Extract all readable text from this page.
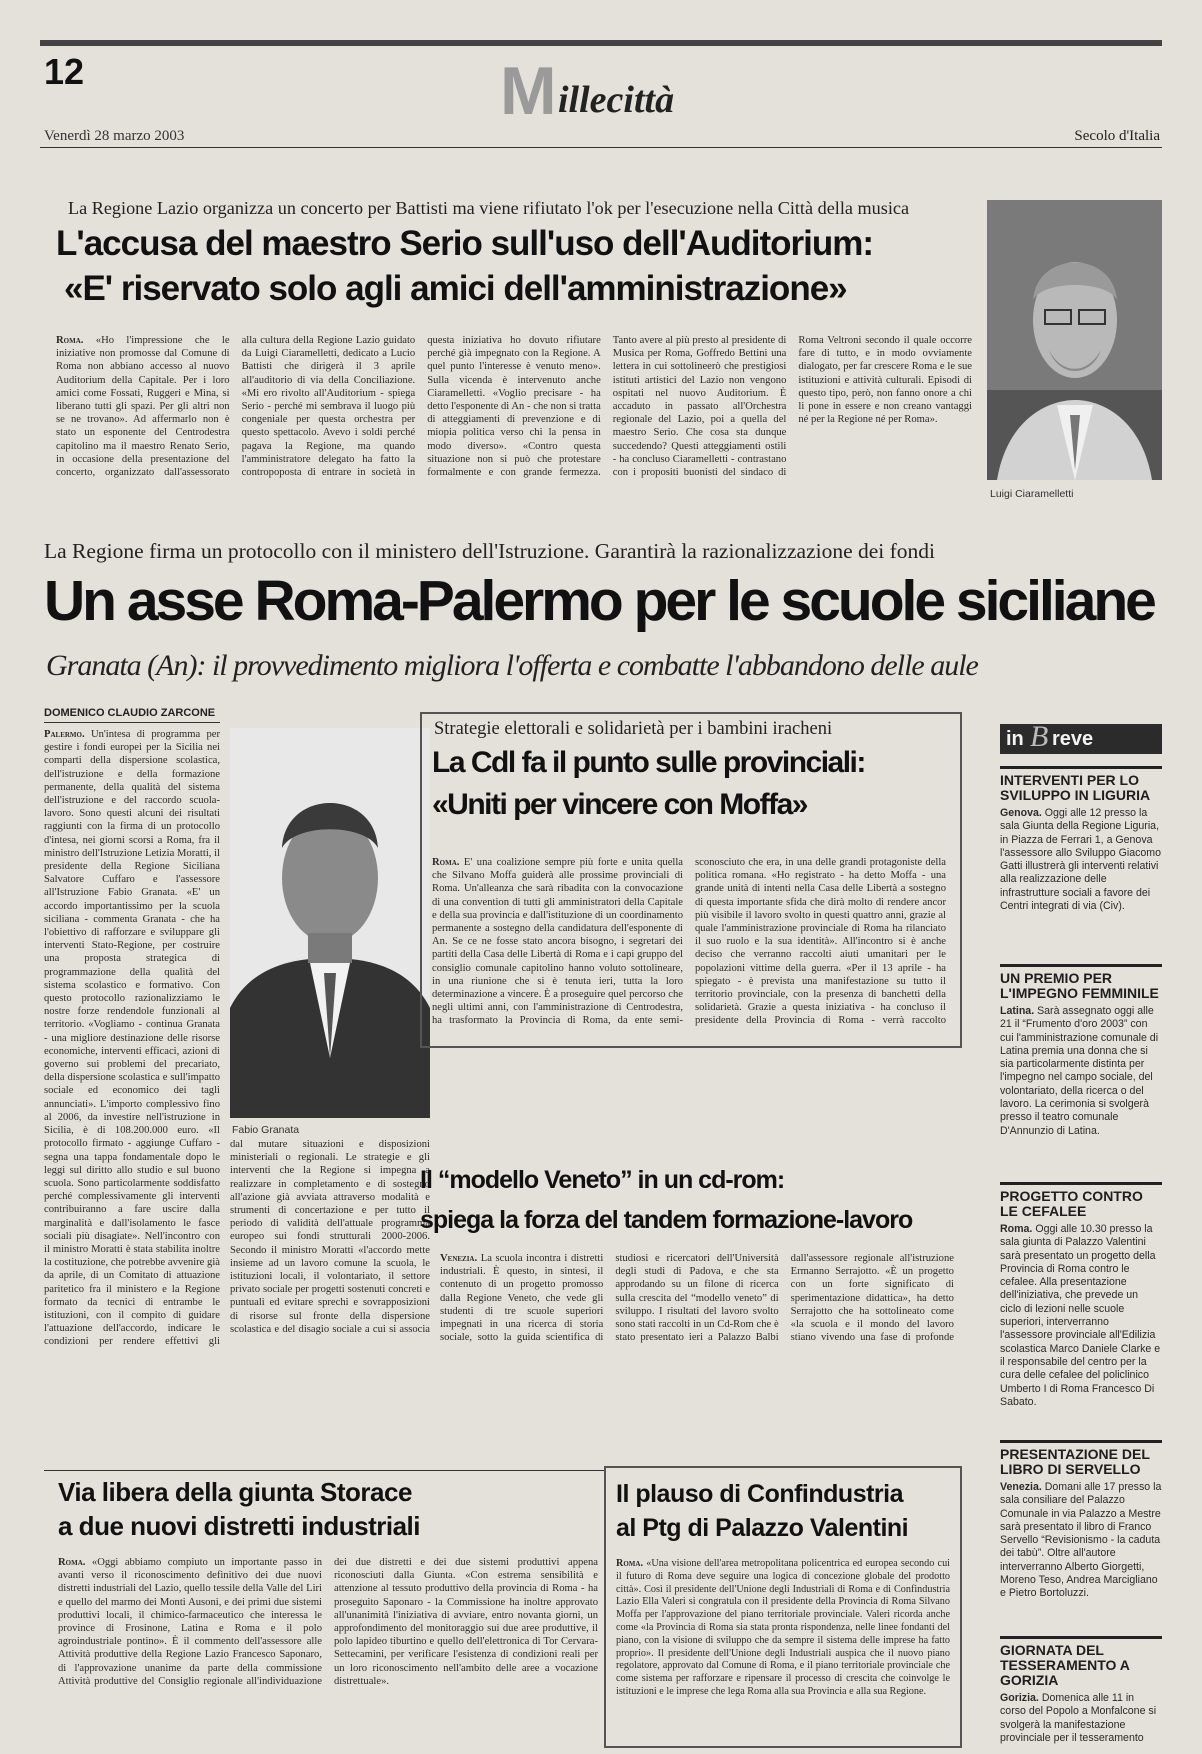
12	M illecittà
Venerdì 28 marzo 2003	Secolo d'Italia
La Regione Lazio organizza un concerto per Battisti ma viene rifiutato l'ok per l'esecuzione nella Città della musica
L'accusa del maestro Serio sull'uso dell'Auditorium:
«E' riservato solo agli amici dell'amministrazione»

Roma. «Ho l'impressione che le iniziative non promosse dal Comune di Roma non abbiano accesso al nuovo Auditorium della Capitale. Per i loro amici come Fossati, Ruggeri e Mina, si liberano tutti gli spazi. Per gli altri non se ne trovano». Ad affermarlo non è stato un esponente del Centrodestra capitolino ma il maestro Renato Serio, in occasione della presentazione del concerto, organizzato dall'assessorato alla cultura della Regione Lazio guidato da Luigi Ciaramelletti, dedicato a Lucio Battisti che dirigerà il 3 aprile all'auditorio di via della Conciliazione. «Mi ero rivolto all'Auditorium - spiega Serio - perché mi sembrava il luogo più congeniale per questa orchestra per questo spettacolo. Avevo i soldi perché pagava la Regione, ma quando l'amministratore delegato ha fatto la contropoposta di entrare in società in questa iniziativa ho dovuto rifiutare perché già impegnato con la Regione. A quel punto l'interesse è venuto meno». Sulla vicenda è intervenuto anche Ciaramelletti. «Voglio precisare - ha detto l'esponente di An - che non si tratta di atteggiamenti di prevenzione e di miopia politica verso chi la pensa in modo diverso». «Contro questa situazione non si può che protestare formalmente e con grande fermezza. Tanto avere al più presto al presidente di Musica per Roma, Goffredo Bettini una lettera in cui sottolineerò che prestigiosi istituti artistici del Lazio non vengono ospitati nel nuovo Auditorium. È accaduto in passato all'Orchestra regionale del Lazio, poi a quella del maestro Serio. Che cosa sta dunque succedendo? Questi atteggiamenti ostili - ha concluso Ciaramelletti - contrastano con i propositi buonisti del sindaco di Roma Veltroni secondo il quale occorre fare di tutto, e in modo ovviamente dialogato, per far crescere Roma e le sue istituzioni e attività culturali. Episodi di questo tipo, però, non fanno onore a chi li pone in essere e non creano vantaggi né per la Regione né per Roma».

Luigi Ciaramelletti
La Regione firma un protocollo con il ministero dell'Istruzione. Garantirà la razionalizzazione dei fondi
Un asse Roma-Palermo per le scuole siciliane
Granata (An): il provvedimento migliora l'offerta e combatte l'abbandono delle aule
DOMENICO CLAUDIO ZARCONE

Palermo. Un'intesa di programma per gestire i fondi europei per la Sicilia nei comparti della dispersione scolastica, dell'istruzione e della formazione permanente, della qualità del sistema dell'istruzione e del raccordo scuola-lavoro. Sono questi alcuni dei risultati raggiunti con la firma di un protocollo d'intesa, nei giorni scorsi a Roma, fra il ministro dell'Istruzione Letizia Moratti, il presidente della Regione Siciliana Salvatore Cuffaro e l'assessore all'Istruzione Fabio Granata. «E' un accordo importantissimo per la scuola siciliana - commenta Granata - che ha l'obiettivo di rafforzare e sviluppare gli interventi Stato-Regione, per costruire una proposta strategica di programmazione della qualità del sistema scolastico e formativo. Con questo protocollo razionalizziamo le nostre forze rendendole funzionali al territorio. «Vogliamo - continua Granata - una migliore destinazione delle risorse economiche, interventi efficaci, azioni di governo sui problemi del precariato, della dispersione scolastica e sull'impatto sociale ed economico dei tagli annunciati». L'importo complessivo fino al 2006, da investire nell'istruzione in Sicilia, è di 108.200.000 euro. «Il protocollo firmato - aggiunge Cuffaro - segna una tappa fondamentale dopo le leggi sul diritto allo studio e sul buono scuola. Sono particolarmente soddisfatto perché complessivamente gli interventi contribuiranno a fare uscire dalla marginalità e dall'isolamento le fasce sociali più disagiate». Nell'incontro con il ministro Moratti è stata stabilita inoltre la costituzione, che potrebbe avvenire già da aprile, di un Comitato di attuazione paritetico fra il ministero e la Regione formato da tecnici di entrambe le istituzioni, con il compito di guidare l'attuazione dell'accordo, indicare le condizioni per rendere effettivi gli

Fabio Granata

dal mutare situazioni e disposizioni ministeriali o regionali. Le strategie e gli interventi che la Regione si impegna a realizzare in completamento e di sostegno all'azione già avviata attraverso modalità e strumenti di concertazione e per tutto il periodo di validità dell'attuale programma europeo sui fondi strutturali 2000-2006. Secondo il ministro Moratti «l'accordo mette insieme ad un lavoro comune la scuola, le istituzioni locali, il volontariato, il settore privato sociale per progetti sostenuti concreti e puntuali ed evitare sprechi e sovrapposizioni di risorse sul fronte della dispersione scolastica e del disagio sociale a cui si associa

Strategie elettorali e solidarietà per i bambini iracheni
La Cdl fa il punto sulle provinciali:
«Uniti per vincere con Moffa»

Roma. E' una coalizione sempre più forte e unita quella che Silvano Moffa guiderà alle prossime provinciali di Roma. Un'alleanza che sarà ribadita con la convocazione di una convention di tutti gli amministratori della Capitale e della sua provincia e dall'istituzione di un coordinamento permanente a sostegno della candidatura dell'esponente di An. Se ce ne fosse stato ancora bisogno, i segretari dei partiti della Casa delle Libertà di Roma e i capi gruppo del consiglio comunale capitolino hanno voluto sottolineare, in una riunione che si è tenuta ieri, tutta la loro determinazione a vincere. È a proseguire quel percorso che negli ultimi anni, con l'amministrazione di Centrodestra, ha trasformato la Provincia di Roma, da ente semi-sconosciuto che era, in una delle grandi protagoniste della politica romana. «Ho registrato - ha detto Moffa - una grande unità di intenti nella Casa delle Libertà a sostegno di questa importante sfida che dirà molto di rendere ancor più visibile il lavoro svolto in questi quattro anni, grazie al quale l'amministrazione provinciale di Roma ha rilanciato il suo ruolo e la sua identità». All'incontro si è anche deciso che verranno raccolti aiuti umanitari per le popolazioni vittime della guerra. «Per il 13 aprile - ha spiegato - è prevista una manifestazione su tutto il territorio provinciale, con la presenza di banchetti della solidarietà. Grazie a questa iniziativa - ha concluso il presidente della Provincia di Roma - verrà raccolto

Il “modello Veneto” in un cd-rom:
spiega la forza del tandem formazione-lavoro

Venezia. La scuola incontra i distretti industriali. È questo, in sintesi, il contenuto di un progetto promosso dalla Regione Veneto, che vede gli studenti di tre scuole superiori impegnati in una ricerca di storia sociale, sotto la guida scientifica di studiosi e ricercatori dell'Università degli studi di Padova, e che sta approdando su un filone di ricerca sulla crescita del “modello veneto” di sviluppo. I risultati del lavoro svolto sono stati raccolti in un Cd-Rom che è stato presentato ieri a Palazzo Balbi dall'assessore regionale all'istruzione Ermanno Serrajotto. «È un progetto con un forte significato di sperimentazione didattica», ha detto Serrajotto che ha sottolineato come «la scuola e il mondo del lavoro stiano vivendo una fase di profonde

Via libera della giunta Storace
a due nuovi distretti industriali

Roma. «Oggi abbiamo compiuto un importante passo in avanti verso il riconoscimento definitivo dei due nuovi distretti industriali del Lazio, quello tessile della Valle del Liri e quello del marmo dei Monti Ausoni, e dei primi due sistemi produttivi locali, il chimico-farmaceutico che interessa le province di Frosinone, Latina e Roma e il polo agroindustriale pontino». È il commento dell'assessore alle Attività produttive della Regione Lazio Francesco Saponaro, di l'approvazione unanime da parte della commissione Attività produttive del Consiglio regionale all'individuazione dei due distretti e dei due sistemi produttivi appena riconosciuti dalla Giunta. «Con estrema sensibilità e attenzione al tessuto produttivo della provincia di Roma - ha proseguito Saponaro - la Commissione ha inoltre approvato all'unanimità l'iniziativa di avviare, entro novanta giorni, un approfondimento del monitoraggio sui due aree produttive, il polo lapideo tiburtino e quello dell'elettronica di Tor Cervara-Settecamini, per verificare l'esistenza di condizioni reali per un loro riconoscimento nell'ambito delle aree a vocazione distrettuale».

Il plauso di Confindustria
al Ptg di Palazzo Valentini

Roma. «Una visione dell'area metropolitana policentrica ed europea secondo cui il futuro di Roma deve seguire una logica di concezione globale del prodotto città». Così il presidente dell'Unione degli Industriali di Roma e di Confindustria Lazio Ella Valeri si congratula con il presidente della Provincia di Roma Silvano Moffa per l'approvazione del piano territoriale provinciale. Valeri ricorda anche come «la Provincia di Roma sia stata pronta rispondenza, nelle linee fondanti del piano, con la visione di sviluppo che da sempre il sistema delle imprese ha fatto proprio». Il presidente dell'Unione degli Industriali auspica che il nuovo piano regolatore, approvato dal Comune di Roma, e il piano territoriale provinciale che come sistema per rafforzare e ripensare il processo di crescita che coinvolge le istituzioni e le imprese che lega Roma alla sua Provincia e alla sua Regione.

in B reve
INTERVENTI PER LO SVILUPPO IN LIGURIA
Genova. Oggi alle 12 presso la sala Giunta della Regione Liguria, in Piazza de Ferrari 1, a Genova l'assessore allo Sviluppo Giacomo Gatti illustrerà gli interventi relativi alla realizzazione delle infrastrutture sociali a favore dei Centri integrati di via (Civ).
UN PREMIO PER L'IMPEGNO FEMMINILE
Latina. Sarà assegnato oggi alle 21 il “Frumento d'oro 2003” con cui l'amministrazione comunale di Latina premia una donna che si sia particolarmente distinta per l'impegno nel campo sociale, del volontariato, della ricerca o del lavoro. La cerimonia si svolgerà presso il teatro comunale D'Annunzio di Latina.
PROGETTO CONTRO LE CEFALEE
Roma. Oggi alle 10.30 presso la sala giunta di Palazzo Valentini sarà presentato un progetto della Provincia di Roma contro le cefalee. Alla presentazione dell'iniziativa, che prevede un ciclo di lezioni nelle scuole superiori, interverranno l'assessore provinciale all'Edilizia scolastica Marco Daniele Clarke e il responsabile del centro per la cura delle cefalee del policlinico Umberto I di Roma Francesco Di Sabato.
PRESENTAZIONE DEL LIBRO DI SERVELLO
Venezia. Domani alle 17 presso la sala consiliare del Palazzo Comunale in via Palazzo a Mestre sarà presentato il libro di Franco Servello “Revisionismo - la caduta dei tabù”. Oltre all'autore interverranno Alberto Giorgetti, Moreno Teso, Andrea Marcigliano e Pietro Bortoluzzi.
GIORNATA DEL TESSERAMENTO A GORIZIA
Gorizia. Domenica alle 11 in corso del Popolo a Monfalcone si svolgerà la manifestazione provinciale per il tesseramento
